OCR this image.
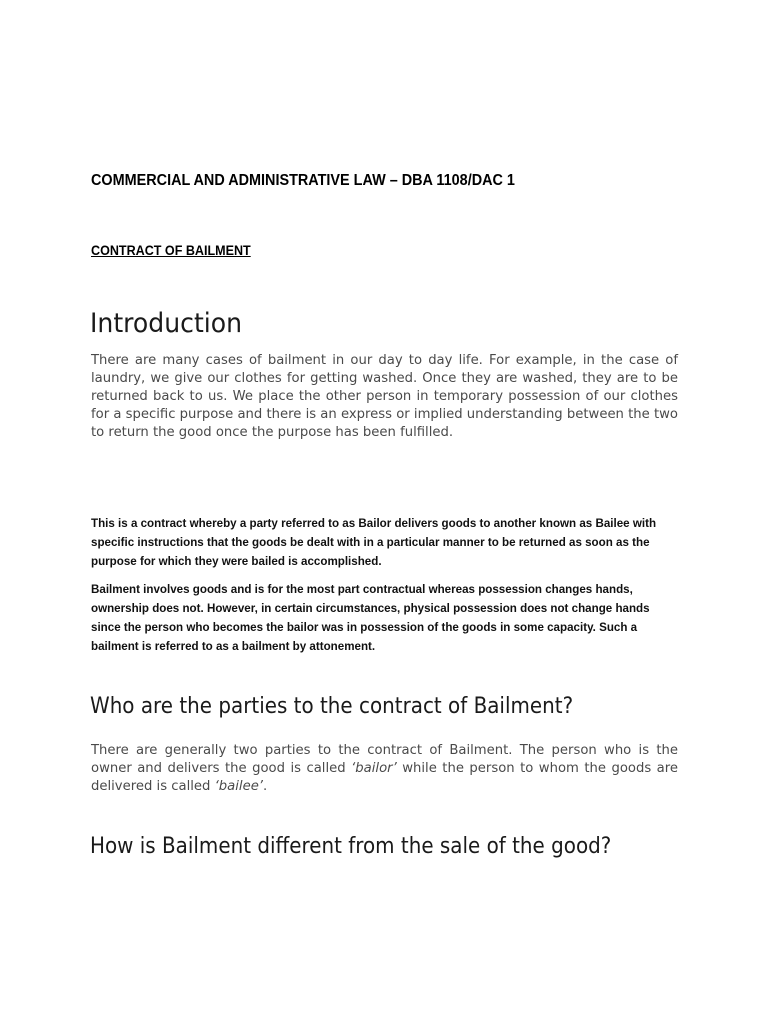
COMMERCIAL AND ADMINISTRATIVE LAW – DBA 1108/DAC 1
CONTRACT OF BAILMENT
Introduction

There are many cases of bailment in our day to day life. For example, in the case of laundry, we give our clothes for getting washed. Once they are washed, they are to be returned back to us. We place the other person in temporary possession of our clothes for a specific purpose and there is an express or implied understanding between the two to return the good once the purpose has been fulfilled.

This is a contract whereby a party referred to as Bailor delivers goods to another known as Bailee with specific instructions that the goods be dealt with in a particular manner to be returned as soon as the purpose for which they were bailed is accomplished.

Bailment involves goods and is for the most part contractual whereas possession changes hands, ownership does not. However, in certain circumstances, physical possession does not change hands since the person who becomes the bailor was in possession of the goods in some capacity. Such a bailment is referred to as a bailment by attonement.

Who are the parties to the contract of Bailment?

There are generally two parties to the contract of Bailment. The person who is the owner and delivers the good is called ‘bailor’ while the person to whom the goods are delivered is called ‘bailee’.

How is Bailment different from the sale of the good?
